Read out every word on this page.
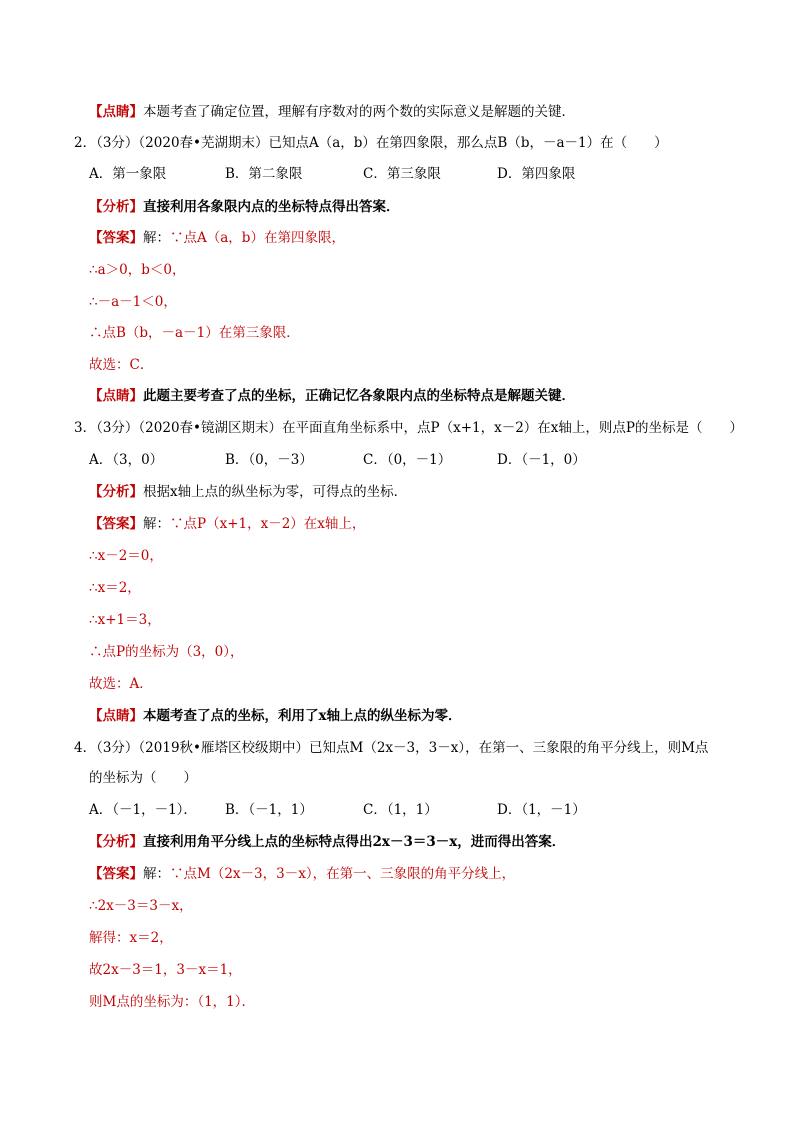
【点睛】本题考查了确定位置，理解有序数对的两个数的实际意义是解题的关键．
2．（3分）（2020春•芜湖期末）已知点A（a，b）在第四象限，那么点B（b，－a－1）在（　　）
A．第一象限	B．第二象限	C．第三象限	D．第四象限
【分析】直接利用各象限内点的坐标特点得出答案．
【答案】解：∵点A（a，b）在第四象限，
∴a＞0，b＜0，
∴－a－1＜0，
∴点B（b，－a－1）在第三象限．
故选：C．
【点睛】此题主要考查了点的坐标，正确记忆各象限内点的坐标特点是解题关键．
3．（3分）（2020春•镜湖区期末）在平面直角坐标系中，点P（x+1，x－2）在x轴上，则点P的坐标是（　　）
A．（3，0）	B．（0，－3）	C．（0，－1）	D．（－1，0）
【分析】根据x轴上点的纵坐标为零，可得点的坐标．
【答案】解：∵点P（x+1，x－2）在x轴上，
∴x－2＝0，
∴x＝2，
∴x+1＝3，
∴点P的坐标为（3，0），
故选：A．
【点睛】本题考查了点的坐标，利用了x轴上点的纵坐标为零．
4．（3分）（2019秋•雁塔区校级期中）已知点M（2x－3，3－x），在第一、三象限的角平分线上，则M点
的坐标为（　　）
A．（－1，－1）． B．（－1，1）	C．（1，1）	D．（1，－1）
【分析】直接利用角平分线上点的坐标特点得出2x－3＝3－x，进而得出答案．
【答案】解：∵点M（2x－3，3－x），在第一、三象限的角平分线上，
∴2x－3＝3－x，
解得：x＝2，
故2x－3＝1，3－x＝1，
则M点的坐标为：（1，1）．
